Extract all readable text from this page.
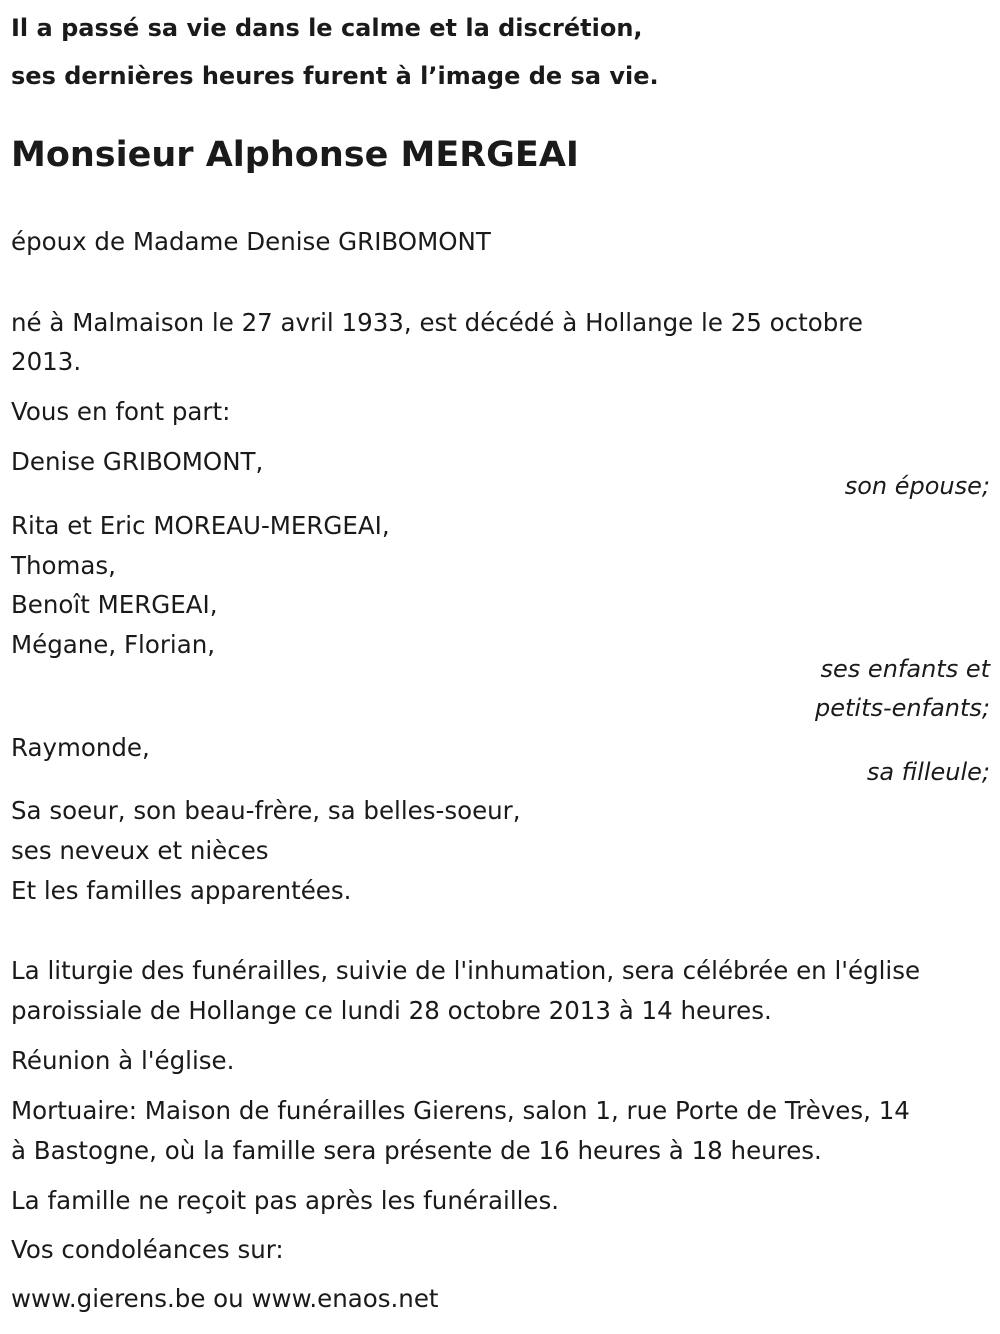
Il a passé sa vie dans le calme et la discrétion,
ses dernières heures furent à l’image de sa vie.
Monsieur Alphonse MERGEAI
époux de Madame Denise GRIBOMONT
né à Malmaison le 27 avril 1933, est décédé à Hollange le 25 octobre
2013.
Vous en font part:
Denise GRIBOMONT,
son épouse;
Rita et Eric MOREAU-MERGEAI,
Thomas,
Benoît MERGEAI,
Mégane, Florian,
ses enfants et
petits-enfants;
Raymonde,
sa filleule;
Sa soeur, son beau-frère, sa belles-soeur,
ses neveux et nièces
Et les familles apparentées.
La liturgie des funérailles, suivie de l'inhumation, sera célébrée en l'église
paroissiale de Hollange ce lundi 28 octobre 2013 à 14 heures.
Réunion à l'église.
Mortuaire: Maison de funérailles Gierens, salon 1, rue Porte de Trèves, 14
à Bastogne, où la famille sera présente de 16 heures à 18 heures.
La famille ne reçoit pas après les funérailles.
Vos condoléances sur:
www.gierens.be ou www.enaos.net
